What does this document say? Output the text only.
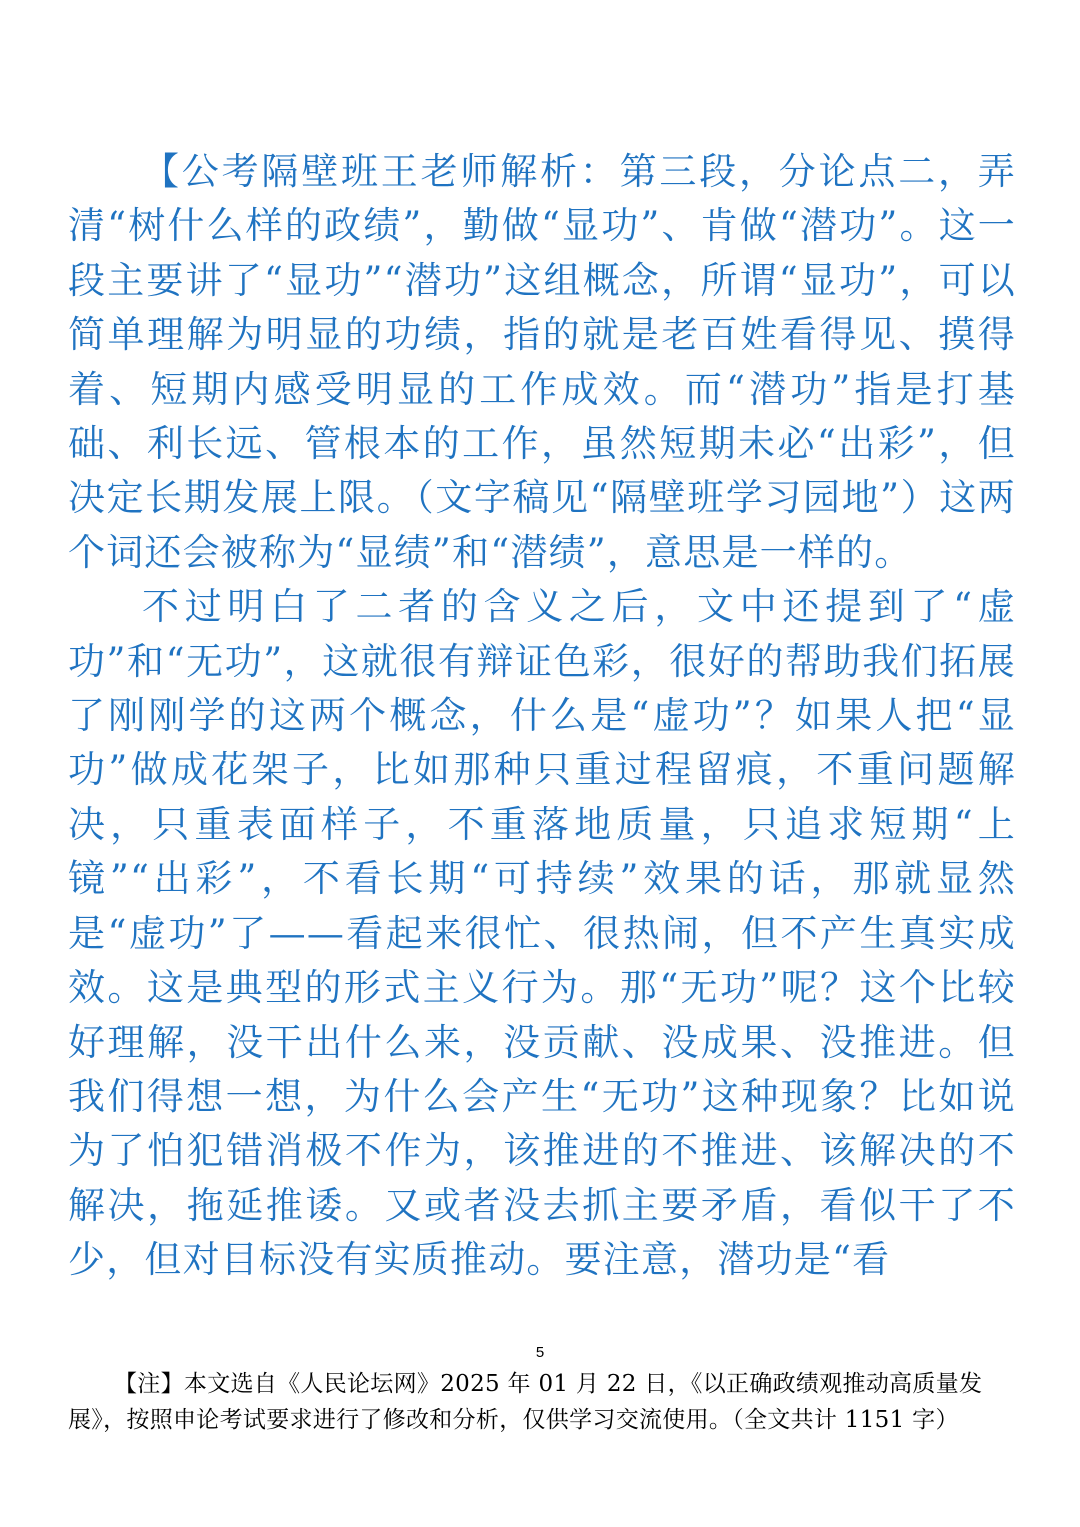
【公考隔壁班王老师解析：第三段，分论点二，弄清“树什么样的政绩”，勤做“显功”、肯做“潜功”。这一段主要讲了“显功”“潜功”这组概念，所谓“显功”，可以简单理解为明显的功绩，指的就是老百姓看得见、摸得着、短期内感受明显的工作成效。而“潜功”指是打基础、利长远、管根本的工作，虽然短期未必“出彩”，但决定长期发展上限。（文字稿见“隔壁班学习园地”）这两个词还会被称为“显绩”和“潜绩”，意思是一样的。

不过明白了二者的含义之后，文中还提到了“虚功”和“无功”，这就很有辩证色彩，很好的帮助我们拓展了刚刚学的这两个概念，什么是“虚功”？如果人把“显功”做成花架子，比如那种只重过程留痕，不重问题解决，只重表面样子，不重落地质量，只追求短期“上镜”“出彩”，不看长期“可持续”效果的话，那就显然是“虚功”了——看起来很忙、很热闹，但不产生真实成效。这是典型的形式主义行为。那“无功”呢？这个比较好理解，没干出什么来，没贡献、没成果、没推进。但我们得想一想，为什么会产生“无功”这种现象？比如说为了怕犯错消极不作为，该推进的不推进、该解决的不解决，拖延推诿。又或者没去抓主要矛盾，看似干了不少，但对目标没有实质推动。要注意，潜功是“看

5

【注】本文选自《人民论坛网》2025 年 01 月 22 日，《以正确政绩观推动高质量发展》，按照申论考试要求进行了修改和分析，仅供学习交流使用。（全文共计 1151 字）
